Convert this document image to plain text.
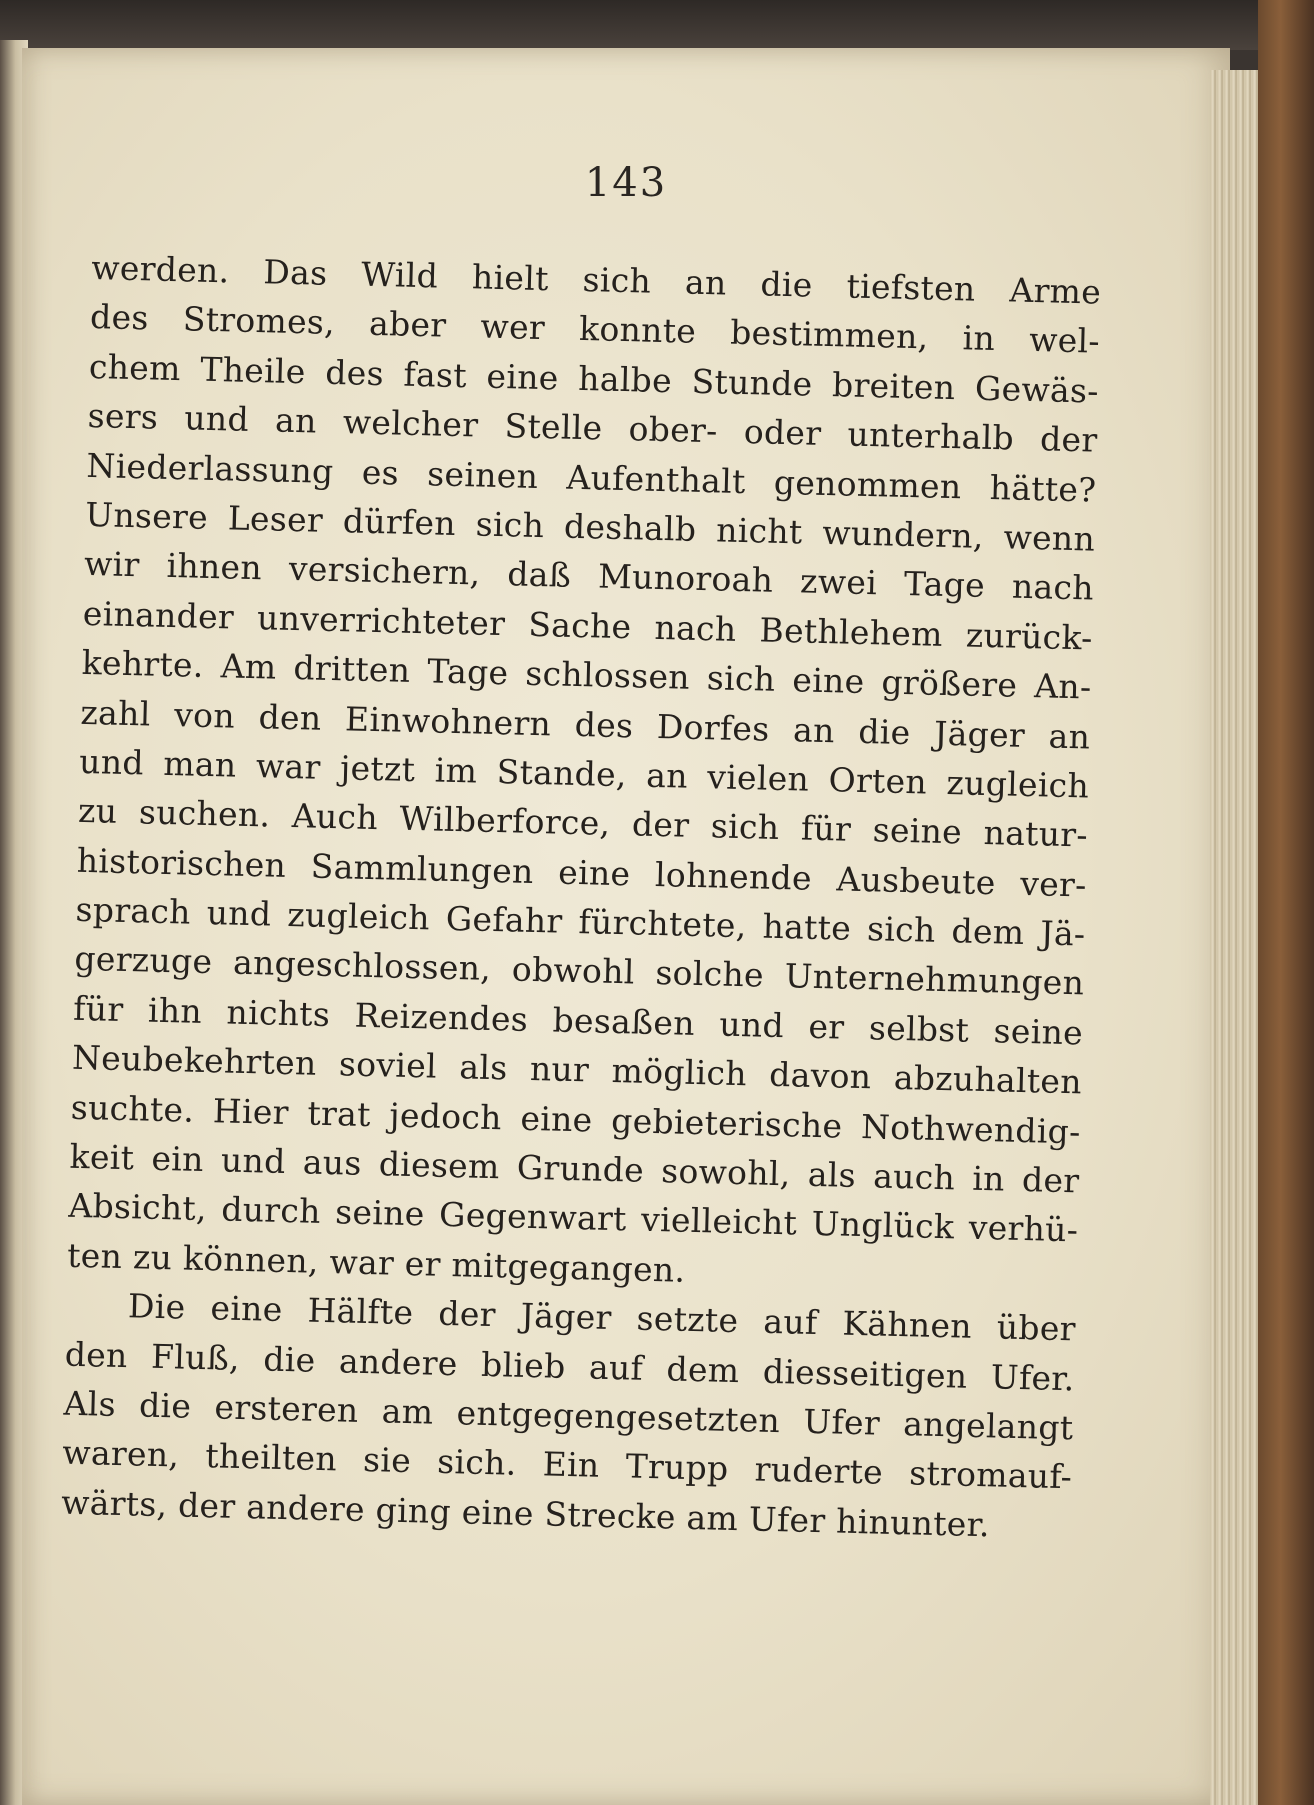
143
werden. Das Wild hielt sich an die tiefsten Arme
des Stromes, aber wer konnte bestimmen, in wel-
chem Theile des fast eine halbe Stunde breiten Gewäs-
sers und an welcher Stelle ober- oder unterhalb der
Niederlassung es seinen Aufenthalt genommen hätte?
Unsere Leser dürfen sich deshalb nicht wundern, wenn
wir ihnen versichern, daß Munoroah zwei Tage nach
einander unverrichteter Sache nach Bethlehem zurück-
kehrte. Am dritten Tage schlossen sich eine größere An-
zahl von den Einwohnern des Dorfes an die Jäger an
und man war jetzt im Stande, an vielen Orten zugleich
zu suchen. Auch Wilberforce, der sich für seine natur-
historischen Sammlungen eine lohnende Ausbeute ver-
sprach und zugleich Gefahr fürchtete, hatte sich dem Jä-
gerzuge angeschlossen, obwohl solche Unternehmungen
für ihn nichts Reizendes besaßen und er selbst seine
Neubekehrten soviel als nur möglich davon abzuhalten
suchte. Hier trat jedoch eine gebieterische Nothwendig-
keit ein und aus diesem Grunde sowohl, als auch in der
Absicht, durch seine Gegenwart vielleicht Unglück verhü-
ten zu können, war er mitgegangen.
Die eine Hälfte der Jäger setzte auf Kähnen über
den Fluß, die andere blieb auf dem diesseitigen Ufer.
Als die ersteren am entgegengesetzten Ufer angelangt
waren, theilten sie sich. Ein Trupp ruderte stromauf-
wärts, der andere ging eine Strecke am Ufer hinunter.
